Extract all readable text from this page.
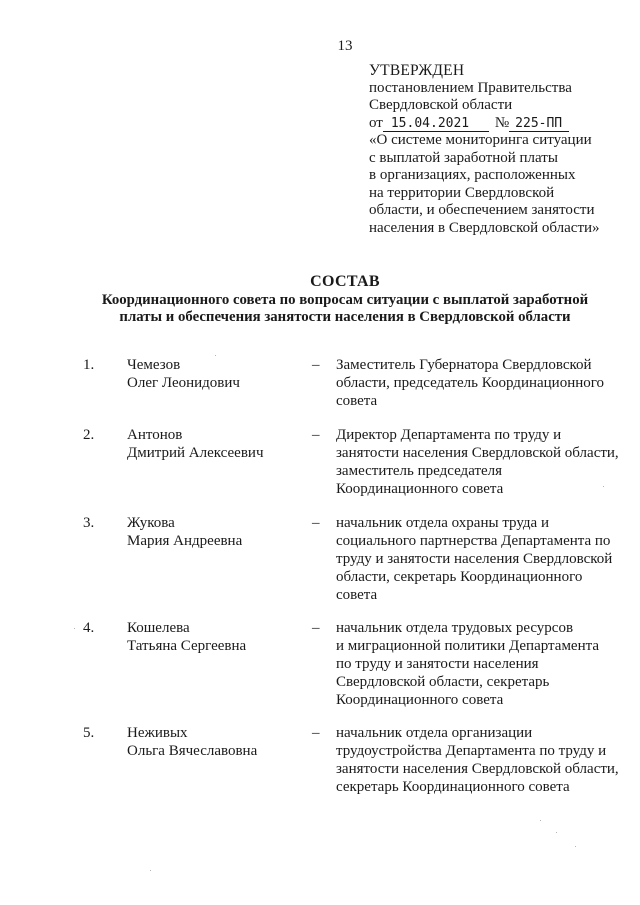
13
УТВЕРЖДЕН
постановлением Правительства
Свердловской области
от 15.04.2021	№ 225-ПП
«О системе мониторинга ситуации
с выплатой заработной платы
в организациях, расположенных
на территории Свердловской
области, и обеспечением занятости
населения в Свердловской области»
СОСТАВ
Координационного совета по вопросам ситуации с выплатой заработной
платы и обеспечения занятости населения в Свердловской области
1. Чемезов
Олег Леонидович
– Заместитель Губернатора Свердловской
области, председатель Координационного
совета
2. Антонов
Дмитрий Алексеевич
– Директор Департамента по труду и
занятости населения Свердловской области,
заместитель председателя
Координационного совета
3. Жукова
Мария Андреевна
– начальник отдела охраны труда и
социального партнерства Департамента по
труду и занятости населения Свердловской
области, секретарь Координационного
совета
4. Кошелева
Татьяна Сергеевна
– начальник отдела трудовых ресурсов
и миграционной политики Департамента
по труду и занятости населения
Свердловской области, секретарь
Координационного совета
5. Неживых
Ольга Вячеславовна
– начальник отдела организации
трудоустройства Департамента по труду и
занятости населения Свердловской области,
секретарь Координационного совета
